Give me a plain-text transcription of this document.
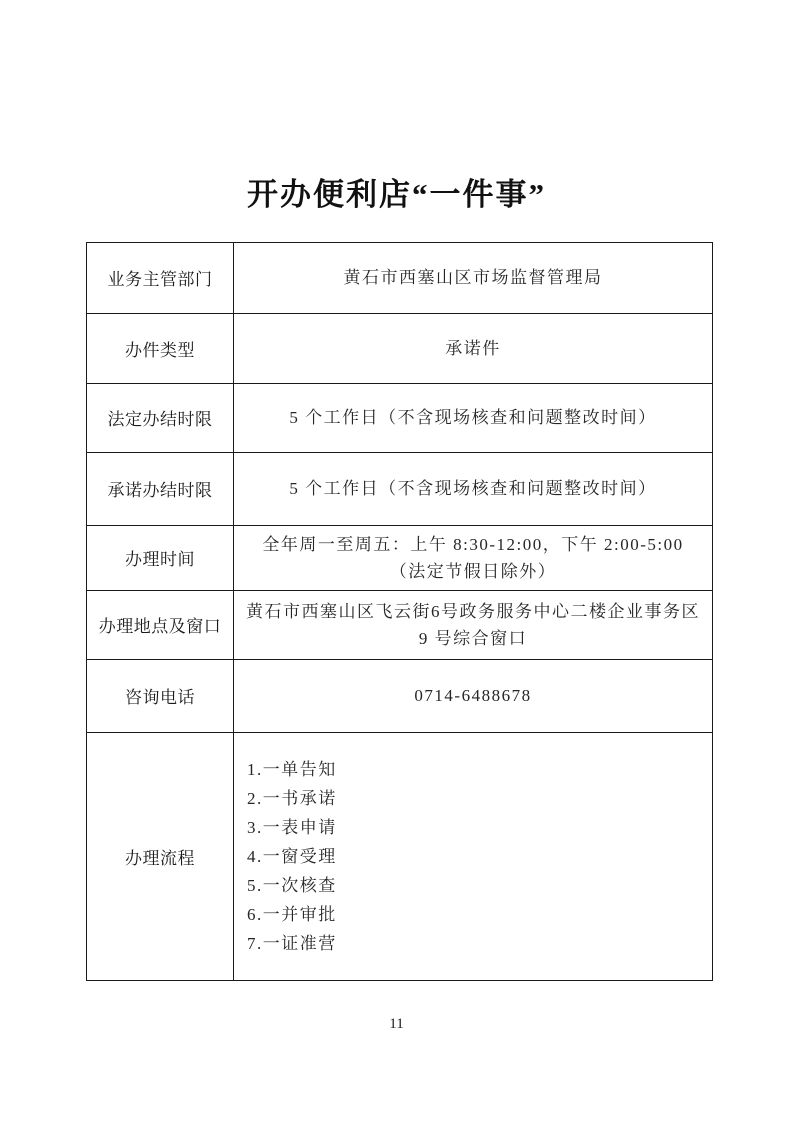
开办便利店“一件事”
业务主管部门	黄石市西塞山区市场监督管理局

办件类型	承诺件

法定办结时限	5 个工作日（不含现场核查和问题整改时间）

承诺办结时限	5 个工作日（不含现场核查和问题整改时间）

办理时间	全年周一至周五：上午 8:30-12:00，下午 2:00-5:00
（法定节假日除外）

办理地点及窗口	黄石市西塞山区飞云街6号政务服务中心二楼企业事务区
9 号综合窗口

咨询电话	0714-6488678

办理流程	
1.一单告知
2.一书承诺
3.一表申请
4.一窗受理
5.一次核查
6.一并审批
7.一证准营
11
